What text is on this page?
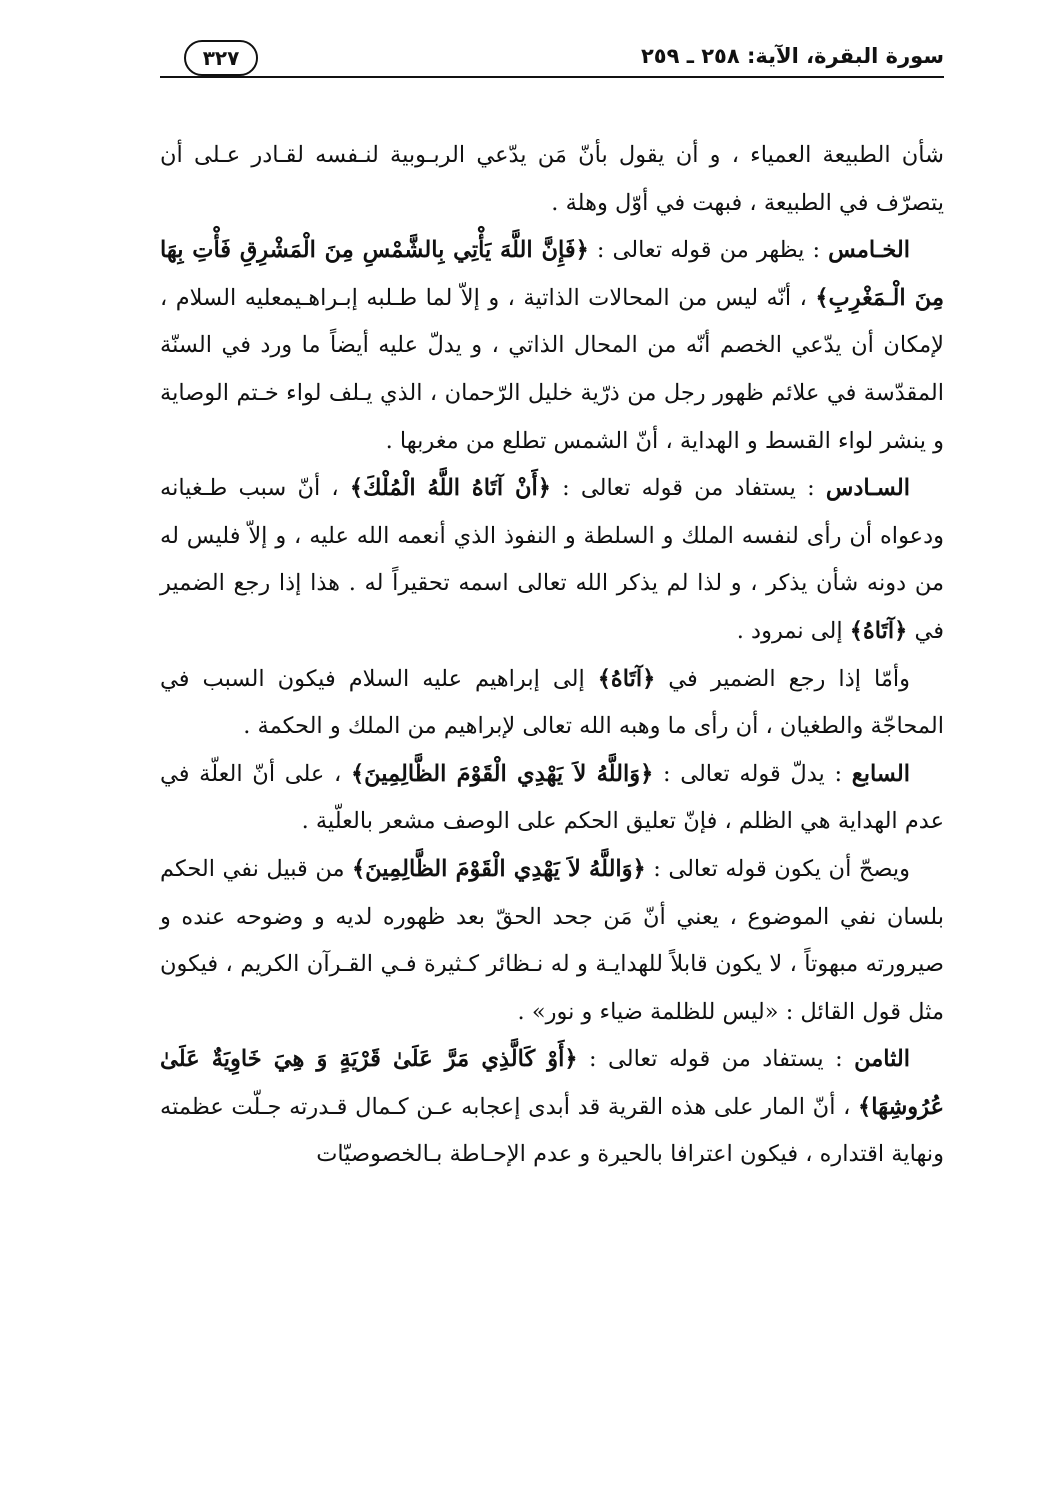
سورة البقرة، الآية: ٢٥٨ ـ ٢٥٩
٣٢٧

شأن الطبيعة العمياء ، و أن يقول بأنّ مَن يدّعي الربـوبية لنـفسه لقـادر عـلى أن يتصرّف في الطبيعة ، فبهت في أوّل وهلة .

الخـامس : يظهر من قوله تعالى : ﴿فَإِنَّ اللَّهَ يَأْتِي بِالشَّمْسِ مِنَ الْمَشْرِقِ فَأْتِ بِهَا مِنَ الْـمَغْرِبِ﴾ ، أنّه ليس من المحالات الذاتية ، و إلاّ لما طـلبه إبـراهـيمعليه السلام ، لإمكان أن يدّعي الخصم أنّه من المحال الذاتي ، و يدلّ عليه أيضاً ما ورد في السنّة المقدّسة في علائم ظهور رجل من ذرّية خليل الرّحمان ، الذي يـلف لواء خـتم الوصاية و ينشر لواء القسط و الهداية ، أنّ الشمس تطلع من مغربها .

السـادس : يستفاد من قوله تعالى : ﴿أَنْ آتَاهُ اللَّهُ الْمُلْكَ﴾ ، أنّ سبب طـغيانه ودعواه أن رأى لنفسه الملك و السلطة و النفوذ الذي أنعمه الله عليه ، و إلاّ فليس له من دونه شأن يذكر ، و لذا لم يذكر الله تعالى اسمه تحقيراً له . هذا إذا رجع الضمير في ﴿آتَاهُ﴾ إلى نمرود .

وأمّا إذا رجع الضمير في ﴿آتَاهُ﴾ إلى إبراهيم عليه السلام فيكون السبب في المحاجّة والطغيان ، أن رأى ما وهبه الله تعالى لإبراهيم من الملك و الحكمة .

السابع : يدلّ قوله تعالى : ﴿وَاللَّهُ لاَ يَهْدِي الْقَوْمَ الظَّالِمِينَ﴾ ، على أنّ العلّة في عدم الهداية هي الظلم ، فإنّ تعليق الحكم على الوصف مشعر بالعلّية .

ويصحّ أن يكون قوله تعالى : ﴿وَاللَّهُ لاَ يَهْدِي الْقَوْمَ الظَّالِمِينَ﴾ من قبيل نفي الحكم بلسان نفي الموضوع ، يعني أنّ مَن جحد الحقّ بعد ظهوره لديه و وضوحه عنده و صيرورته مبهوتاً ، لا يكون قابلاً للهدايـة و له نـظائر كـثيرة فـي القـرآن الكريم ، فيكون مثل قول القائل : «ليس للظلمة ضياء و نور» .

الثامن : يستفاد من قوله تعالى : ﴿أَوْ كَالَّذِي مَرَّ عَلَىٰ قَرْيَةٍ وَ هِيَ خَاوِيَةٌ عَلَىٰ عُرُوشِهَا﴾ ، أنّ المار على هذه القرية قد أبدى إعجابه عـن كـمال قـدرته جـلّت عظمته ونهاية اقتداره ، فيكون اعترافا بالحيرة و عدم الإحـاطة بـالخصوصيّات
